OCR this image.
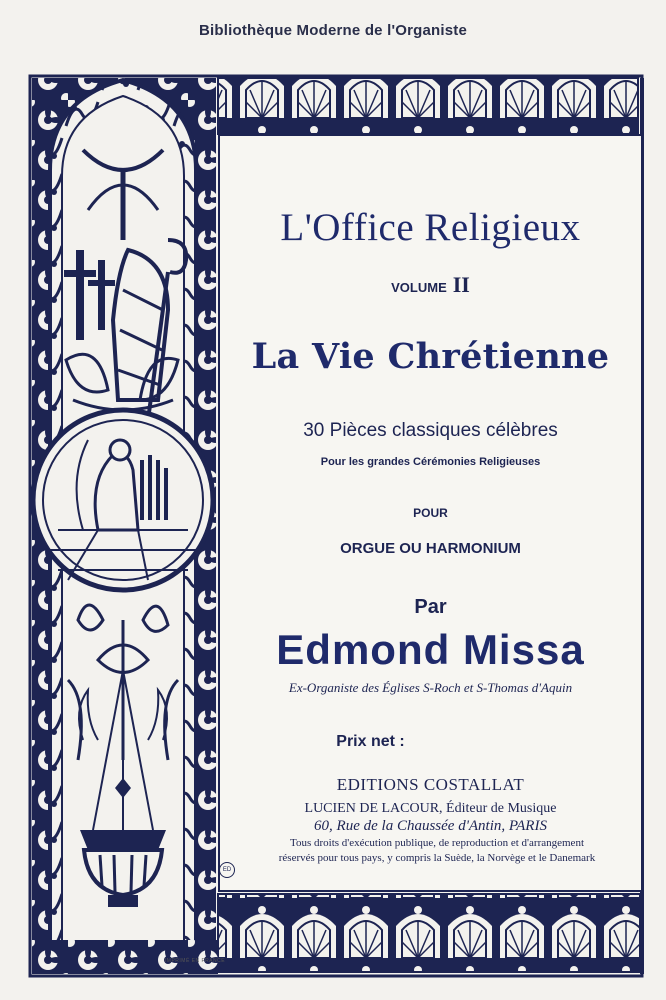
Bibliothèque Moderne de l'Organiste
L'Office Religieux
VOLUME II
La Vie Chrétienne
30 Pièces classiques célèbres
Pour les grandes Cérémonies Religieuses
POUR
ORGUE OU HARMONIUM
Par
Edmond Missa
Ex-Organiste des Églises S-Roch et S-Thomas d'Aquin
Prix net :
EDITIONS COSTALLAT
LUCIEN DE LACOUR, Éditeur de Musique
60, Rue de la Chaussée d'Antin, PARIS
Tous droits d'exécution publique, de reproduction et d'arrangement
réservés pour tous pays, y compris la Suède, la Norvège et le Danemark
ED
IMPRIMÉ EN FRANCE
